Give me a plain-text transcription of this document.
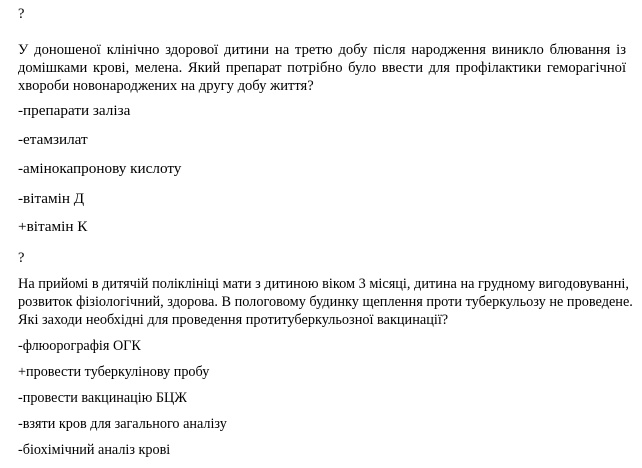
?
У доношеної клінічно здорової дитини на третю добу після народження виникло блювання із
домішками крові, мелена. Який препарат потрібно було ввести для профілактики геморагічної
хвороби новонароджених на другу добу життя?
-препарати заліза
-етамзилат
-амінокапронову кислоту
-вітамін Д
+вітамін К
?
На прийомі в дитячій поліклініці мати з дитиною віком 3 місяці, дитина на грудному вигодовуванні,
розвиток фізіологічний, здорова. В пологовому будинку щеплення проти туберкульозу не проведене.
Які заходи необхідні для проведення протитуберкульозної вакцинації?
-флюорографія ОГК
+провести туберкулінову пробу
-провести вакцинацію БЦЖ
-взяти кров для загального аналізу
-біохімічний аналіз крові
